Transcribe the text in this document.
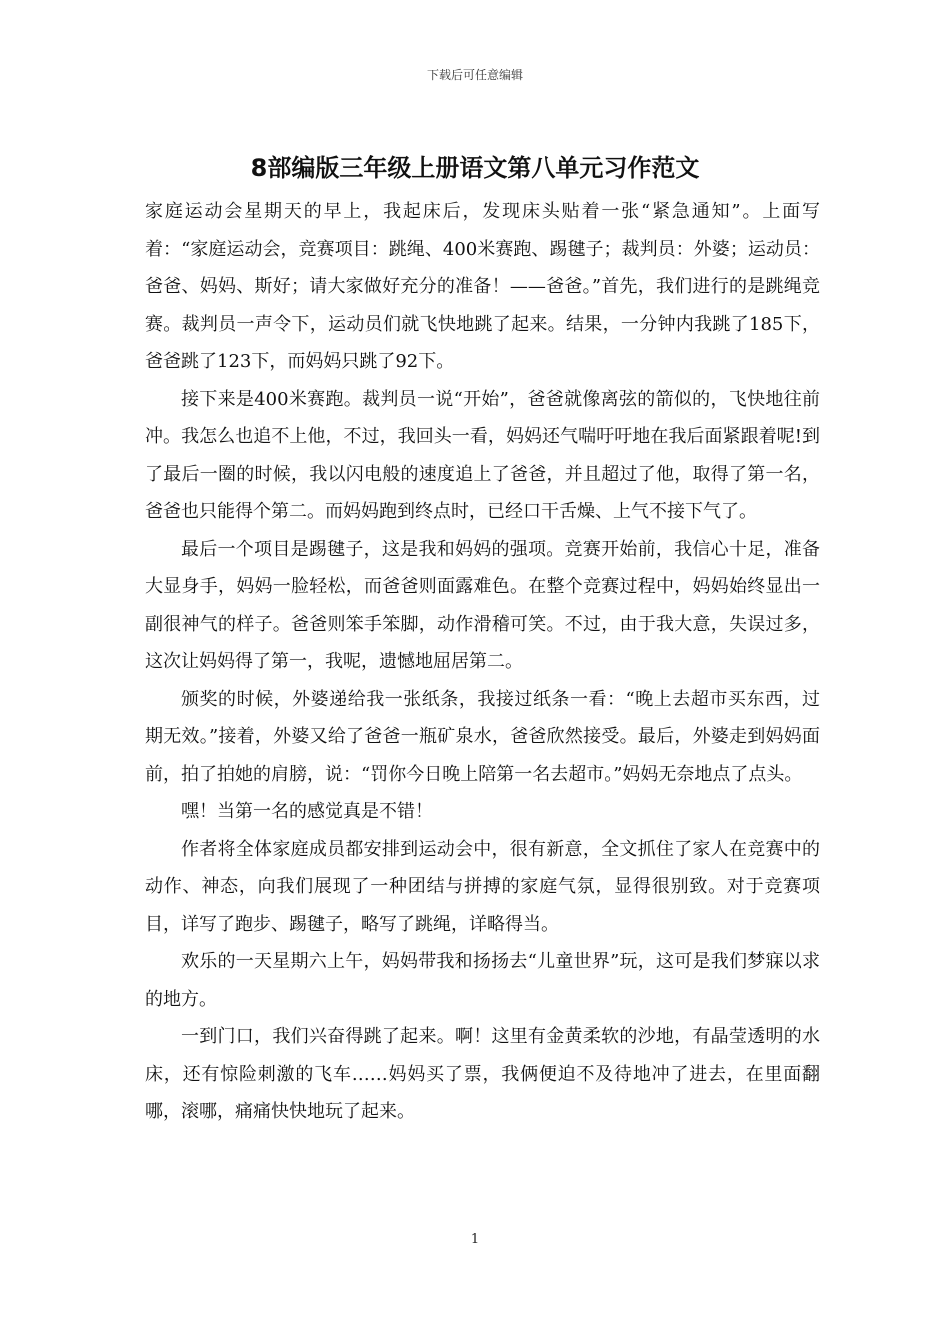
下载后可任意编辑
8部编版三年级上册语文第八单元习作范文

家庭运动会星期天的早上，我起床后，发现床头贴着一张“紧急通知”。上面写着：“家庭运动会，竞赛项目：跳绳、400米赛跑、踢毽子；裁判员：外婆；运动员：爸爸、妈妈、斯好；请大家做好充分的准备！——爸爸。”首先，我们进行的是跳绳竞赛。裁判员一声令下，运动员们就飞快地跳了起来。结果，一分钟内我跳了185下，爸爸跳了123下，而妈妈只跳了92下。

接下来是400米赛跑。裁判员一说“开始”，爸爸就像离弦的箭似的，飞快地往前冲。我怎么也追不上他，不过，我回头一看，妈妈还气喘吁吁地在我后面紧跟着呢!到了最后一圈的时候，我以闪电般的速度追上了爸爸，并且超过了他，取得了第一名，爸爸也只能得个第二。而妈妈跑到终点时，已经口干舌燥、上气不接下气了。

最后一个项目是踢毽子，这是我和妈妈的强项。竞赛开始前，我信心十足，准备大显身手，妈妈一脸轻松，而爸爸则面露难色。在整个竞赛过程中，妈妈始终显出一副很神气的样子。爸爸则笨手笨脚，动作滑稽可笑。不过，由于我大意，失误过多，这次让妈妈得了第一，我呢，遗憾地屈居第二。

颁奖的时候，外婆递给我一张纸条，我接过纸条一看：“晚上去超市买东西，过期无效。”接着，外婆又给了爸爸一瓶矿泉水，爸爸欣然接受。最后，外婆走到妈妈面前，拍了拍她的肩膀，说：“罚你今日晚上陪第一名去超市。”妈妈无奈地点了点头。

嘿！当第一名的感觉真是不错！

作者将全体家庭成员都安排到运动会中，很有新意，全文抓住了家人在竞赛中的动作、神态，向我们展现了一种团结与拼搏的家庭气氛，显得很别致。对于竞赛项目，详写了跑步、踢毽子，略写了跳绳，详略得当。

欢乐的一天星期六上午，妈妈带我和扬扬去“儿童世界”玩，这可是我们梦寐以求的地方。

一到门口，我们兴奋得跳了起来。啊！这里有金黄柔软的沙地，有晶莹透明的水床，还有惊险刺激的飞车……妈妈买了票，我俩便迫不及待地冲了进去，在里面翻哪，滚哪，痛痛快快地玩了起来。

1
